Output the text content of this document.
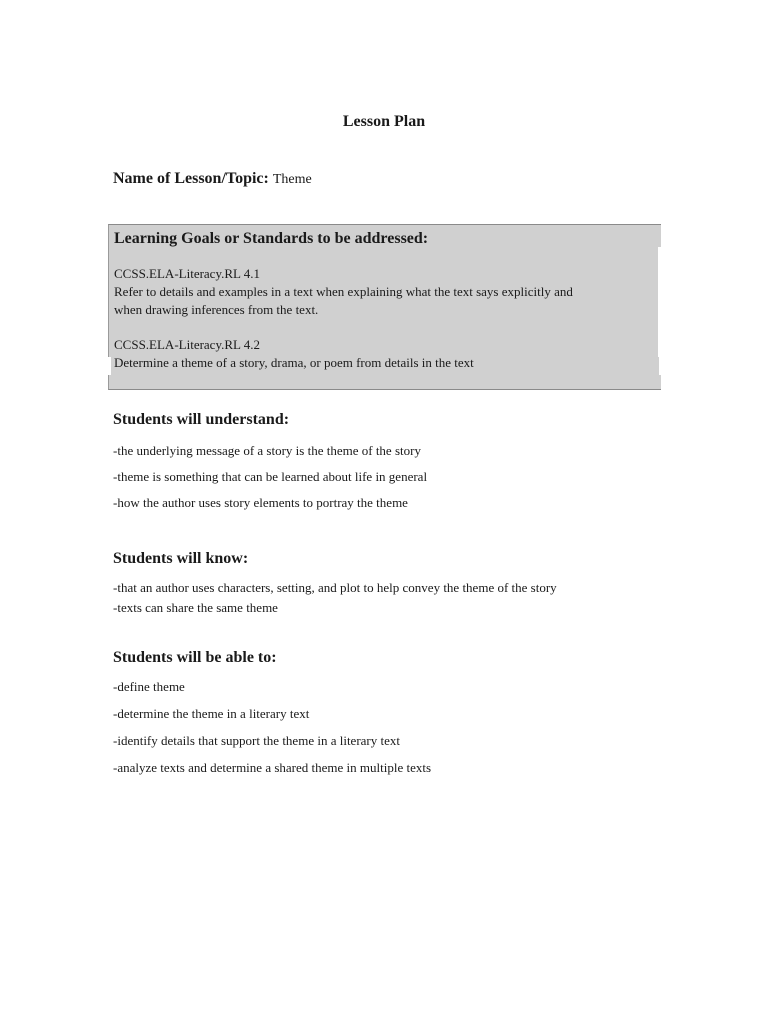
Lesson Plan
Name of Lesson/Topic: Theme
Learning Goals or Standards to be addressed:
CCSS.ELA-Literacy.RL 4.1
Refer to details and examples in a text when explaining what the text says explicitly and
when drawing inferences from the text.
CCSS.ELA-Literacy.RL 4.2
Determine a theme of a story, drama, or poem from details in the text
Students will understand:
-the underlying message of a story is the theme of the story
-theme is something that can be learned about life in general
-how the author uses story elements to portray the theme
Students will know:
-that an author uses characters, setting, and plot to help convey the theme of the story
-texts can share the same theme
Students will be able to:
-define theme
-determine the theme in a literary text
-identify details that support the theme in a literary text
-analyze texts and determine a shared theme in multiple texts
